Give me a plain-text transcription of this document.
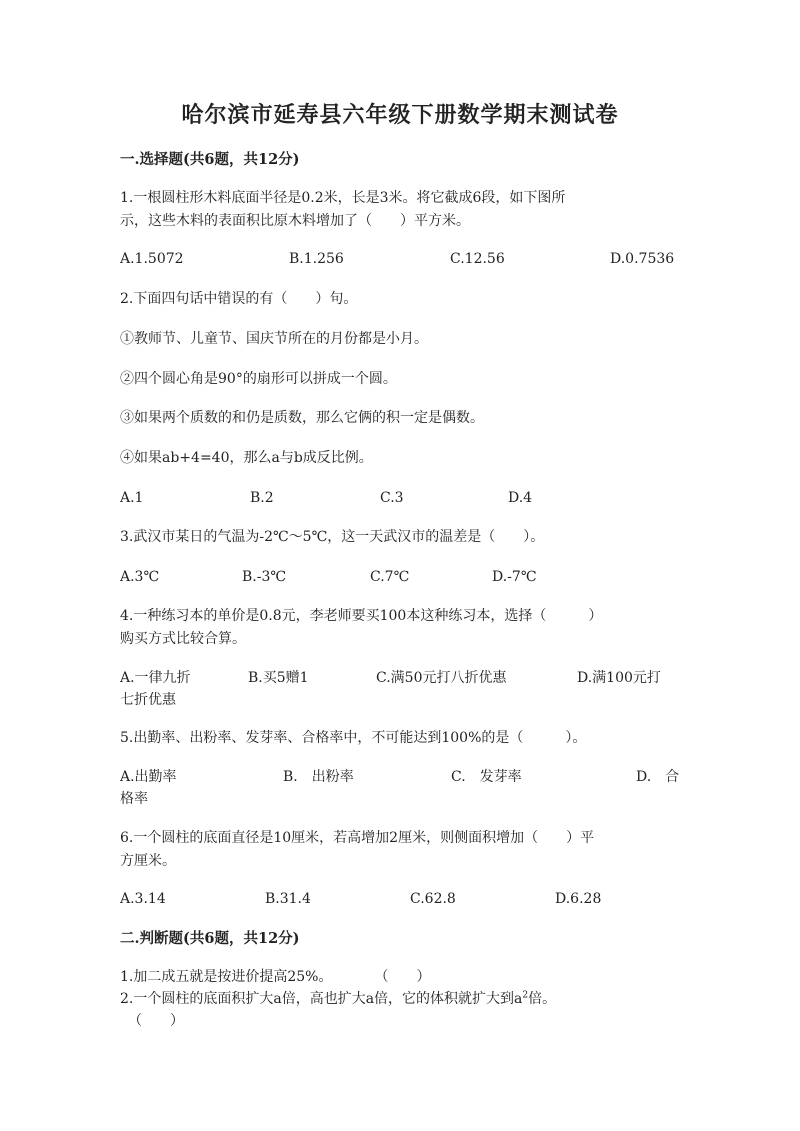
哈尔滨市延寿县六年级下册数学期末测试卷
一.选择题(共6题，共12分)
1.一根圆柱形木料底面半径是0.2米，长是3米。将它截成6段，如下图所
示，这些木料的表面积比原木料增加了（　　）平方米。
A.1.5072	B.1.256	C.12.56	D.0.7536
2.下面四句话中错误的有（　　）句。
①教师节、儿童节、国庆节所在的月份都是小月。
②四个圆心角是90°的扇形可以拼成一个圆。
③如果两个质数的和仍是质数，那么它俩的积一定是偶数。
④如果ab+4=40，那么a与b成反比例。
A.1	B.2	C.3	D.4
3.武汉市某日的气温为-2℃～5℃，这一天武汉市的温差是（　　）。
A.3℃	B.-3℃	C.7℃	D.-7℃
4.一种练习本的单价是0.8元，李老师要买100本这种练习本，选择（　　　）
购买方式比较合算。
A.一律九折	B.买5赠1	C.满50元打八折优惠	D.满100元打
七折优惠
5.出勤率、出粉率、发芽率、合格率中，不可能达到100%的是（　　　）。
A.出勤率	B.　出粉率	C.　发芽率	D.　合
格率
6.一个圆柱的底面直径是10厘米，若高增加2厘米，则侧面积增加（　　）平
方厘米。
A.3.14	B.31.4	C.62.8	D.6.28
二.判断题(共6题，共12分)
1.加二成五就是按进价提高25%。　　　　（　　）
2.一个圆柱的底面积扩大a倍，高也扩大a倍，它的体积就扩大到$a^2$倍。
（　　）
